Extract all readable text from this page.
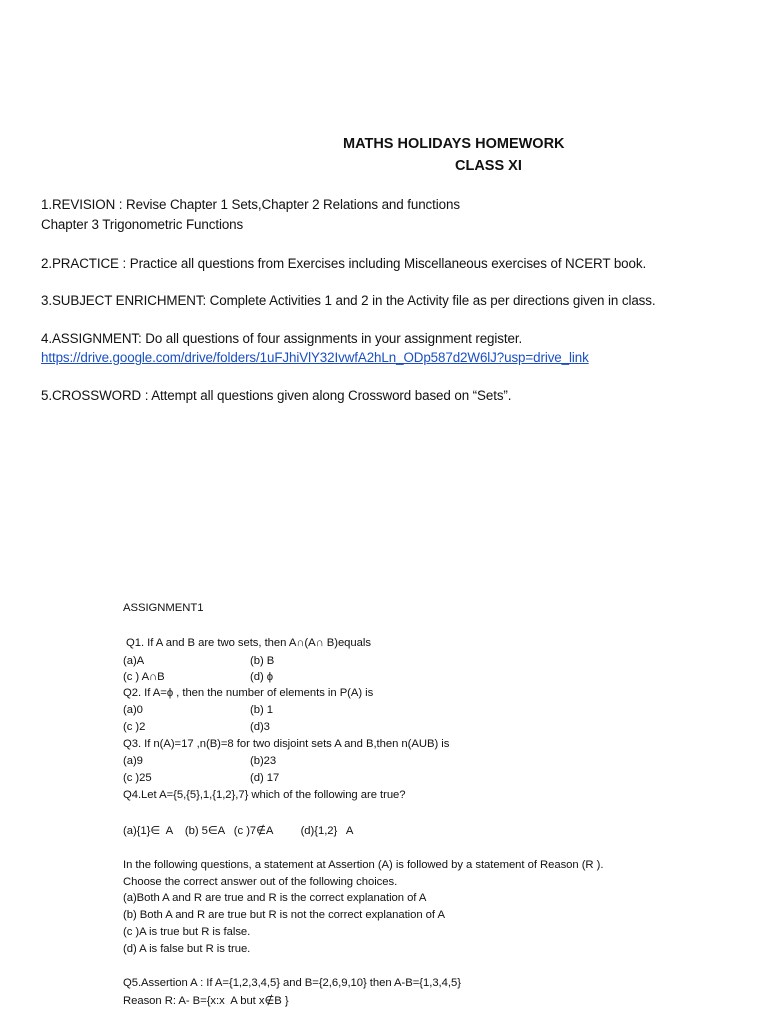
MATHS HOLIDAYS HOMEWORK
CLASS XI
1.REVISION : Revise Chapter 1 Sets,Chapter 2 Relations and functions
Chapter 3 Trigonometric Functions
2.PRACTICE : Practice all questions from Exercises including Miscellaneous exercises of NCERT book.
3.SUBJECT ENRICHMENT: Complete Activities 1 and 2 in the Activity file as per directions given in class.
4.ASSIGNMENT: Do all questions of four assignments in your assignment register.
https://drive.google.com/drive/folders/1uFJhiVlY32IvwfA2hLn_ODp587d2W6lJ?usp=drive_link
5.CROSSWORD : Attempt all questions given along Crossword based on “Sets”.
ASSIGNMENT1
Q1. If A and B are two sets, then A∩(A∩ B)equals
(a)A	(b) B
(c ) A∩B	(d) ϕ
Q2. If A=ϕ , then the number of elements in P(A) is
(a)0	(b) 1
(c )2	(d)3
Q3. If n(A)=17 ,n(B)=8 for two disjoint sets A and B,then n(AUB) is
(a)9	(b)23
(c )25	(d) 17
Q4.Let A={5,{5},1,{1,2},7} which of the following are true?
(a){1}∈  A    (b) 5∈A   (c )7∉A         (d){1,2}   A
In the following questions, a statement at Assertion (A) is followed by a statement of Reason (R ).
Choose the correct answer out of the following choices.
(a)Both A and R are true and R is the correct explanation of A
(b) Both A and R are true but R is not the correct explanation of A
(c )A is true but R is false.
(d) A is false but R is true.
Q5.Assertion A : If A={1,2,3,4,5} and B={2,6,9,10} then A-B={1,3,4,5}
Reason R: A- B={x:x  A but x∉B }
